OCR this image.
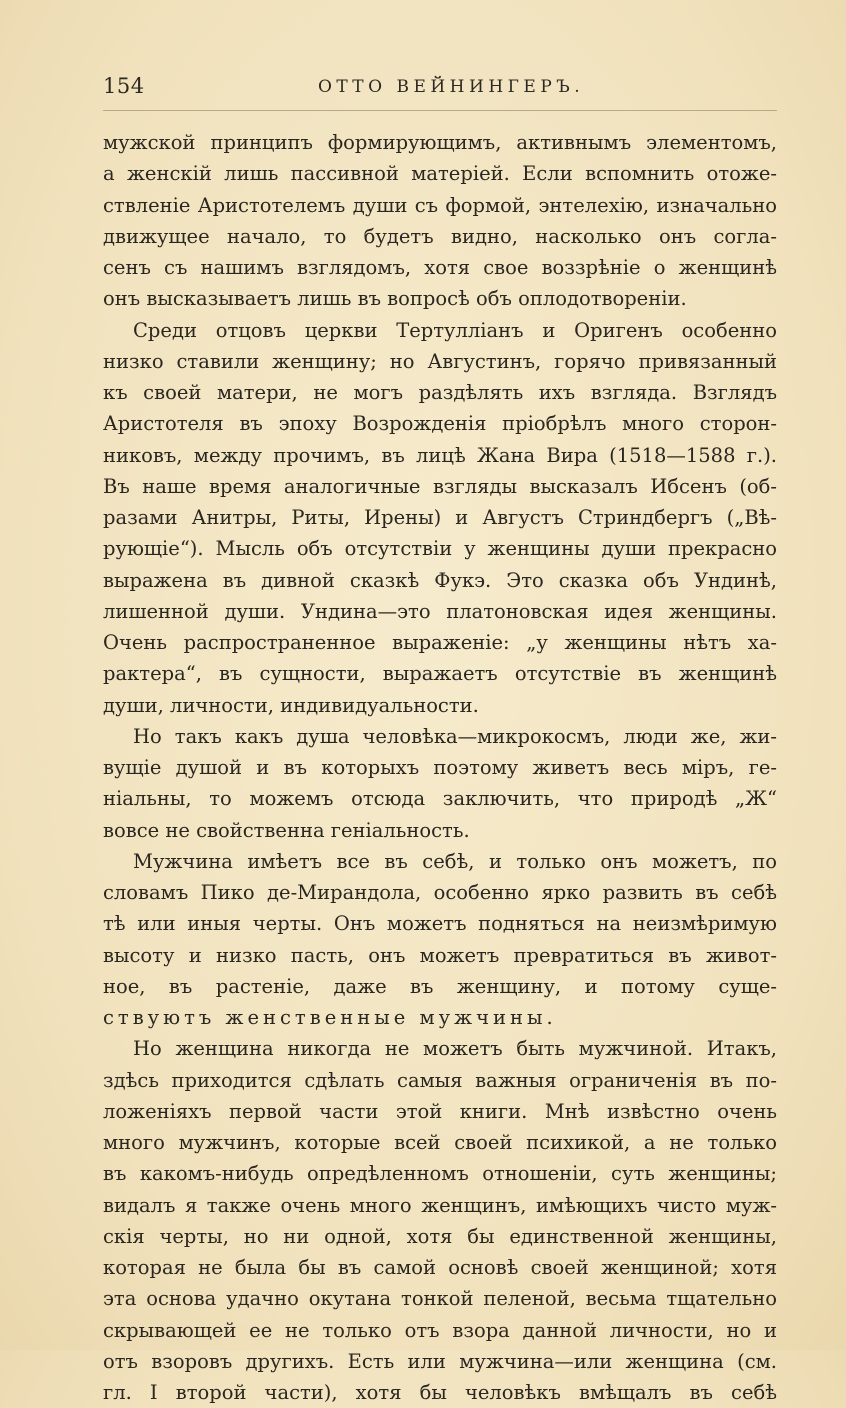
154	ОТТО ВЕЙНИНГЕРЪ.
мужской принципъ формирующимъ, активнымъ элементомъ,
а женскій лишь пассивной матеріей. Если вспомнить отоже-
ствленіе Аристотелемъ души съ формой, энтелехію, изначально
движущее начало, то будетъ видно, насколько онъ согла-
сенъ съ нашимъ взглядомъ, хотя свое воззрѣніе о женщинѣ
онъ высказываетъ лишь въ вопросѣ объ оплодотвореніи.
Среди отцовъ церкви Тертулліанъ и Оригенъ особенно
низко ставили женщину; но Августинъ, горячо привязанный
къ своей матери, не могъ раздѣлять ихъ взгляда. Взглядъ
Аристотеля въ эпоху Возрожденія пріобрѣлъ много сторон-
никовъ, между прочимъ, въ лицѣ Жана Вира (1518—1588 г.).
Въ наше время аналогичные взгляды высказалъ Ибсенъ (об-
разами Анитры, Риты, Ирены) и Августъ Стриндбергъ („Вѣ-
рующіе“). Мысль объ отсутствіи у женщины души прекрасно
выражена въ дивной сказкѣ Фукэ. Это сказка объ Ундинѣ,
лишенной души. Ундина—это платоновская идея женщины.
Очень распространенное выраженіе: „у женщины нѣтъ ха-
рактера“, въ сущности, выражаетъ отсутствіе въ женщинѣ
души, личности, индивидуальности.
Но такъ какъ душа человѣка—микрокосмъ, люди же, жи-
вущіе душой и въ которыхъ поэтому живетъ весь міръ, ге-
ніальны, то можемъ отсюда заключить, что природѣ „Ж“
вовсе не свойственна геніальность.
Мужчина имѣетъ все въ себѣ, и только онъ можетъ, по
словамъ Пико де-Мирандола, особенно ярко развить въ себѣ
тѣ или иныя черты. Онъ можетъ подняться на неизмѣримую
высоту и низко пасть, онъ можетъ превратиться въ живот-
ное, въ растеніе, даже въ женщину, и потому суще-
ствуютъ женственные мужчины.
Но женщина никогда не можетъ быть мужчиной. Итакъ,
здѣсь приходится сдѣлать самыя важныя ограниченія въ по-
ложеніяхъ первой части этой книги. Мнѣ извѣстно очень
много мужчинъ, которые всей своей психикой, а не только
въ какомъ-нибудь опредѣленномъ отношеніи, суть женщины;
видалъ я также очень много женщинъ, имѣющихъ чисто муж-
скія черты, но ни одной, хотя бы единственной женщины,
которая не была бы въ самой основѣ своей женщиной; хотя
эта основа удачно окутана тонкой пеленой, весьма тщательно
скрывающей ее не только отъ взора данной личности, но и
отъ взоровъ другихъ. Есть или мужчина—или женщина (см.
гл. I второй части), хотя бы человѣкъ вмѣщалъ въ себѣ
